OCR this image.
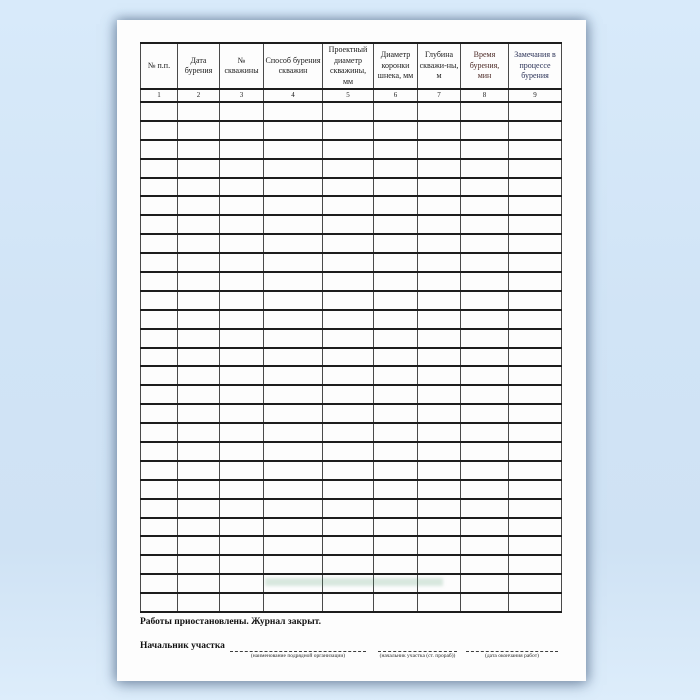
№ п.п.	Дата бурения	№ скважины	Способ бурения скважин	Проектный диаметр скважины, мм	Диаметр коронки шнека, мм	Глубина скважи-ны, м	Время бурения, мин	Замечания в процессе бурения
1	2	3	4	5	6	7	8	9

Работы приостановлены. Журнал закрыт.
Начальник участка
(наименование подрядной организации)	(начальник участка (ст. прораб))	(дата окончания работ)
